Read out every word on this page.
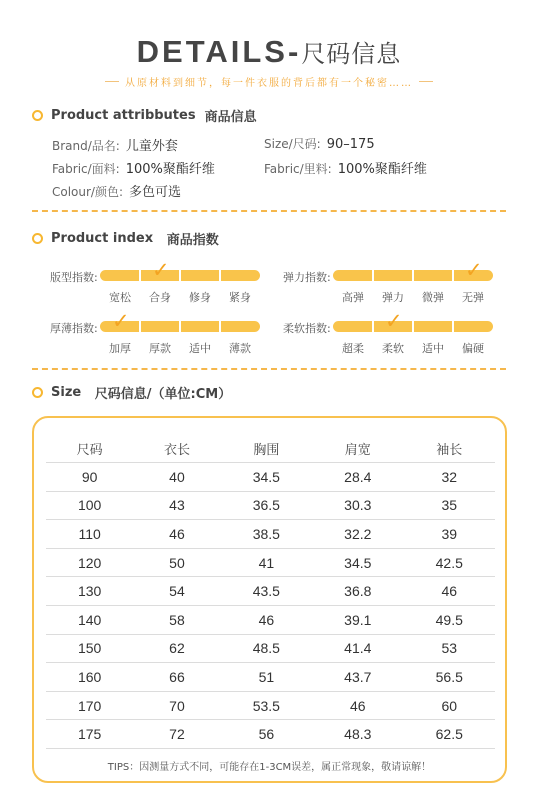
DETAILS-尺码信息
从原材料到细节，每一件衣服的背后都有一个秘密……
Product attribbutes
商品信息
Brand/品名: 儿童外套	Size/尺码: 90–175
Fabric/面料: 100%聚酯纤维	Fabric/里料: 100%聚酯纤维
Colour/颜色: 多色可选
Product index
商品指数
版型指数:
宽松	合身	修身	紧身
✓	弹力指数:
高弹	弹力	微弹	无弹
✓
厚薄指数:
加厚	厚款	适中	薄款
✓	柔软指数:
超柔	柔软	适中	偏硬
✓
Size
尺码信息/（单位:CM）
尺码	衣长	胸围	肩宽	袖长
90	40	34.5	28.4	32
100	43	36.5	30.3	35
110	46	38.5	32.2	39
120	50	41	34.5	42.5
130	54	43.5	36.8	46
140	58	46	39.1	49.5
150	62	48.5	41.4	53
160	66	51	43.7	56.5
170	70	53.5	46	60
175	72	56	48.3	62.5
TIPS：因测量方式不同，可能存在1-3CM误差，属正常现象，敬请谅解！
